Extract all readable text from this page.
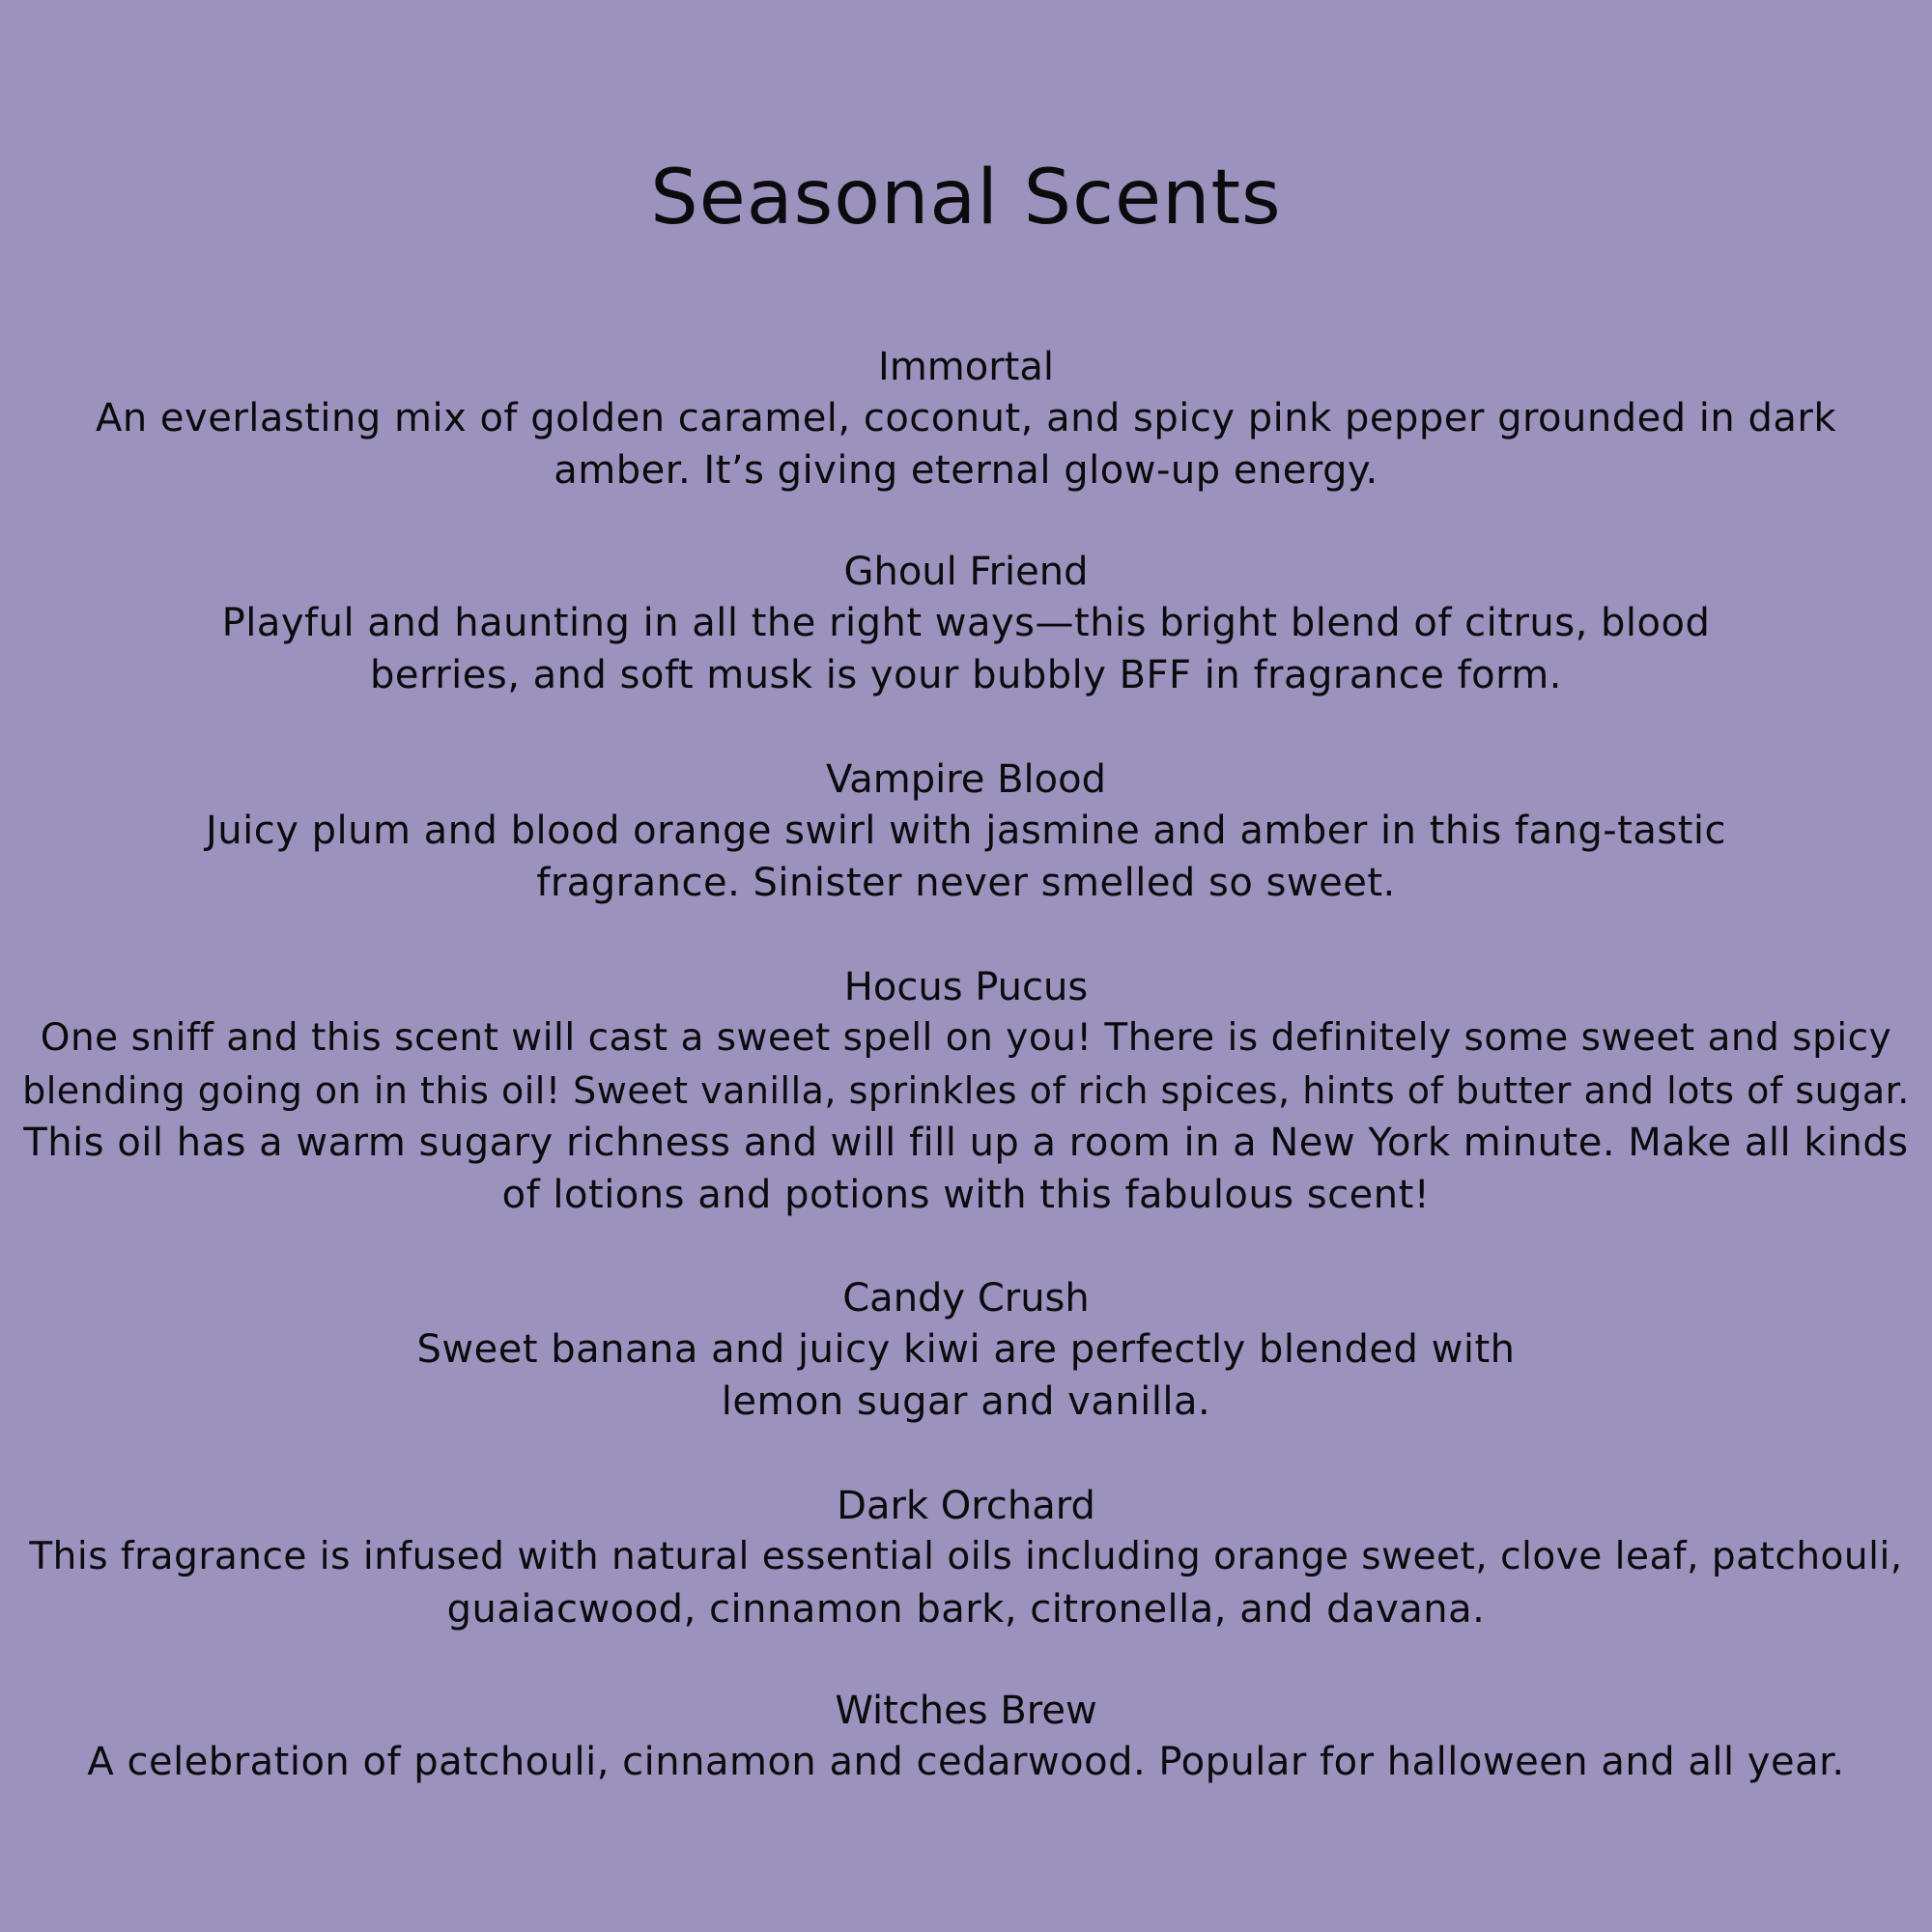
Seasonal Scents
Immortal
An everlasting mix of golden caramel, coconut, and spicy pink pepper grounded in dark
amber. It’s giving eternal glow-up energy.
Ghoul Friend
Playful and haunting in all the right ways—this bright blend of citrus, blood
berries, and soft musk is your bubbly BFF in fragrance form.
Vampire Blood
Juicy plum and blood orange swirl with jasmine and amber in this fang-tastic
fragrance. Sinister never smelled so sweet.
Hocus Pucus
One sniff and this scent will cast a sweet spell on you! There is definitely some sweet and spicy
blending going on in this oil! Sweet vanilla, sprinkles of rich spices, hints of butter and lots of sugar.
This oil has a warm sugary richness and will fill up a room in a New York minute. Make all kinds
of lotions and potions with this fabulous scent!
Candy Crush
Sweet banana and juicy kiwi are perfectly blended with
lemon sugar and vanilla.
Dark Orchard
This fragrance is infused with natural essential oils including orange sweet, clove leaf, patchouli,
guaiacwood, cinnamon bark, citronella, and davana.
Witches Brew
A celebration of patchouli, cinnamon and cedarwood. Popular for halloween and all year.
